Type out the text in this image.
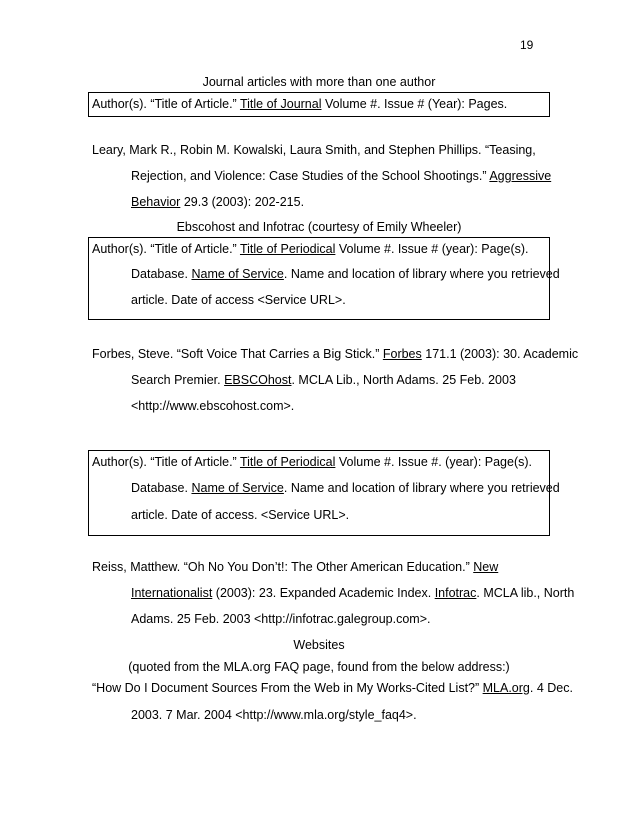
19
Journal articles with more than one author
Author(s). “Title of Article.” Title of Journal Volume #. Issue # (Year): Pages.
Leary, Mark R., Robin M. Kowalski, Laura Smith, and Stephen Phillips. “Teasing,
Rejection, and Violence: Case Studies of the School Shootings.” Aggressive
Behavior 29.3 (2003): 202-215.
Ebscohost and Infotrac (courtesy of Emily Wheeler)
Author(s). “Title of Article.” Title of Periodical Volume #. Issue # (year): Page(s).
Database. Name of Service. Name and location of library where you retrieved
article. Date of access <Service URL>.
Forbes, Steve. “Soft Voice That Carries a Big Stick.” Forbes 171.1 (2003): 30. Academic
Search Premier. EBSCOhost. MCLA Lib., North Adams. 25 Feb. 2003
<http://www.ebscohost.com>.
Author(s). “Title of Article.” Title of Periodical Volume #. Issue #. (year): Page(s).
Database. Name of Service. Name and location of library where you retrieved
article. Date of access. <Service URL>.
Reiss, Matthew. “Oh No You Don’t!: The Other American Education.” New
Internationalist (2003): 23. Expanded Academic Index. Infotrac. MCLA lib., North
Adams. 25 Feb. 2003 <http://infotrac.galegroup.com>.
Websites
(quoted from the MLA.org FAQ page, found from the below address:)
“How Do I Document Sources From the Web in My Works-Cited List?” MLA.org. 4 Dec.
2003. 7 Mar. 2004 <http://www.mla.org/style_faq4>.
